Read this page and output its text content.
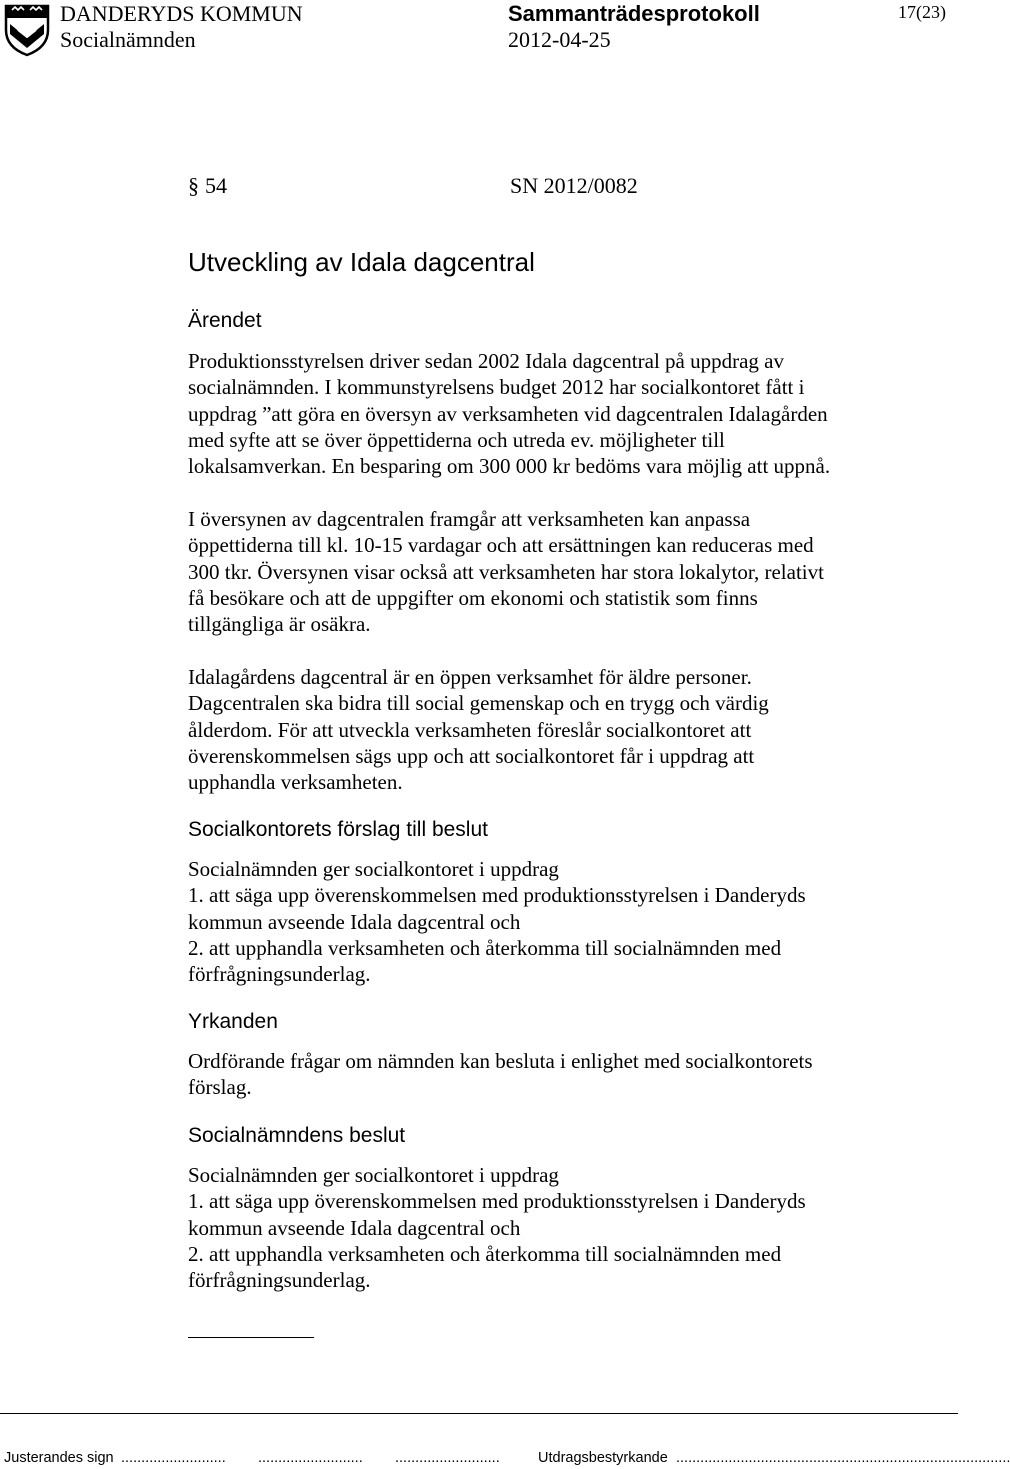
DANDERYDS KOMMUN
Socialnämnden
Sammanträdesprotokoll
2012-04-25
17(23)
§ 54	SN 2012/0082
Utveckling av Idala dagcentral
Ärendet
Produktionsstyrelsen driver sedan 2002 Idala dagcentral på uppdrag av
socialnämnden. I kommunstyrelsens budget 2012 har socialkontoret fått i
uppdrag ”att göra en översyn av verksamheten vid dagcentralen Idalagården
med syfte att se över öppettiderna och utreda ev. möjligheter till
lokalsamverkan. En besparing om 300 000 kr bedöms vara möjlig att uppnå.
I översynen av dagcentralen framgår att verksamheten kan anpassa
öppettiderna till kl. 10-15 vardagar och att ersättningen kan reduceras med
300 tkr. Översynen visar också att verksamheten har stora lokalytor, relativt
få besökare och att de uppgifter om ekonomi och statistik som finns
tillgängliga är osäkra.
Idalagårdens dagcentral är en öppen verksamhet för äldre personer.
Dagcentralen ska bidra till social gemenskap och en trygg och värdig
ålderdom. För att utveckla verksamheten föreslår socialkontoret att
överenskommelsen sägs upp och att socialkontoret får i uppdrag att
upphandla verksamheten.
Socialkontorets förslag till beslut
Socialnämnden ger socialkontoret i uppdrag
1. att säga upp överenskommelsen med produktionsstyrelsen i Danderyds
kommun avseende Idala dagcentral och
2. att upphandla verksamheten och återkomma till socialnämnden med
förfrågningsunderlag.
Yrkanden
Ordförande frågar om nämnden kan besluta i enlighet med socialkontorets
förslag.
Socialnämndens beslut
Socialnämnden ger socialkontoret i uppdrag
1. att säga upp överenskommelsen med produktionsstyrelsen i Danderyds
kommun avseende Idala dagcentral och
2. att upphandla verksamheten och återkomma till socialnämnden med
förfrågningsunderlag.
Justerandes sign .......................... .......................... ..........................	Utdragsbestyrkande ...................................................................................
